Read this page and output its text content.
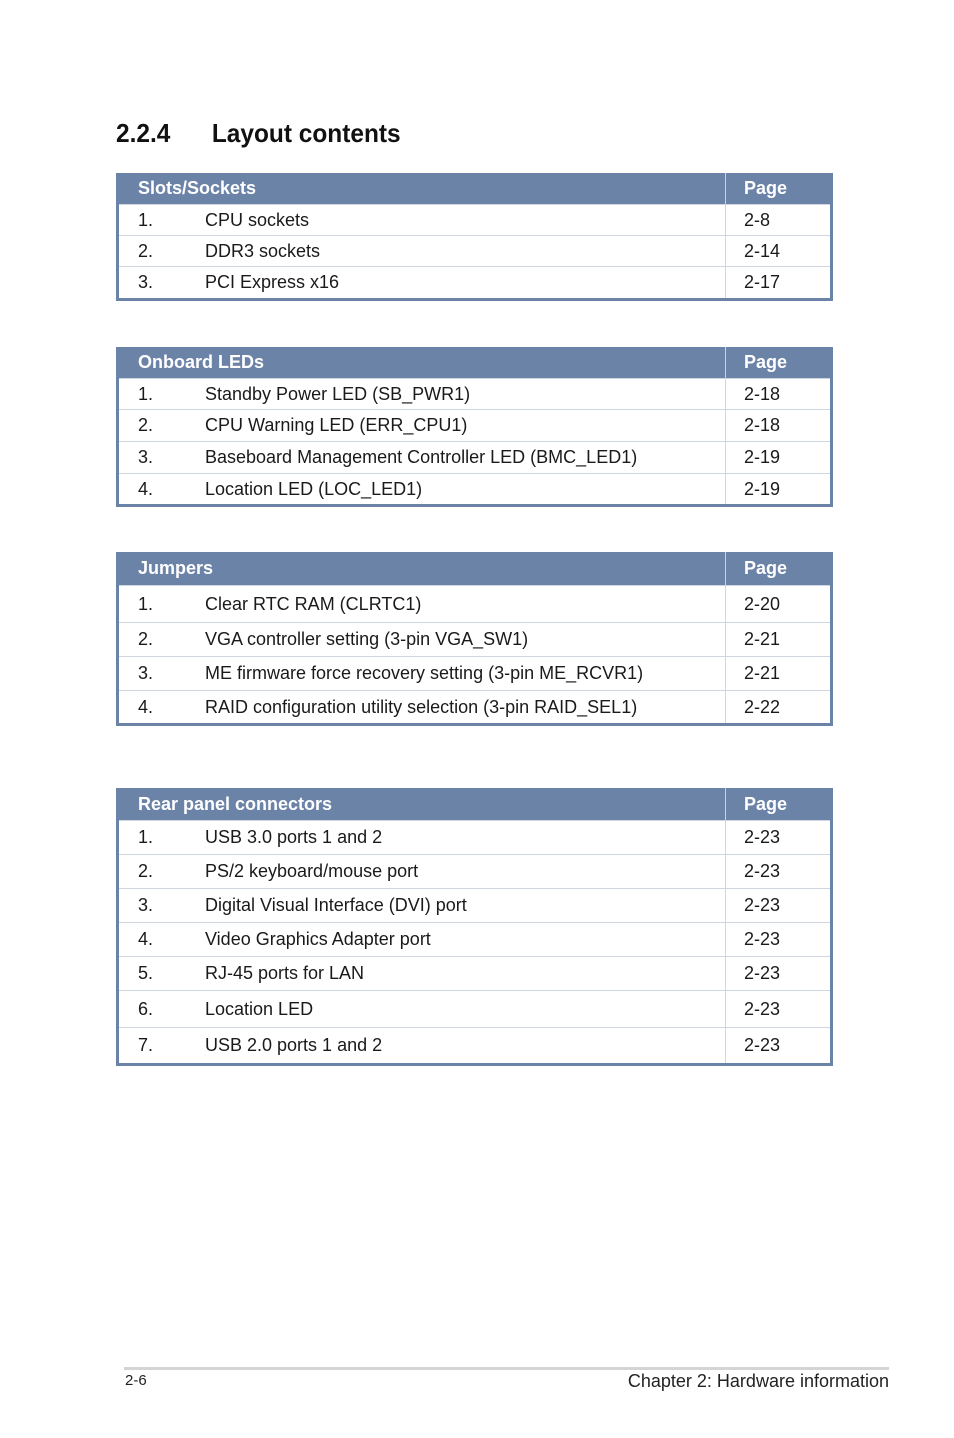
2.2.4	Layout contents
Slots/Sockets	Page
1.	CPU sockets	2-8
2.	DDR3 sockets	2-14
3.	PCI Express x16	2-17
Onboard LEDs	Page
1.	Standby Power LED (SB_PWR1)	2-18
2.	CPU Warning LED (ERR_CPU1)	2-18
3.	Baseboard Management Controller LED (BMC_LED1)	2-19
4.	Location LED (LOC_LED1)	2-19
Jumpers	Page
1.	Clear RTC RAM (CLRTC1)	2-20
2.	VGA controller setting (3-pin VGA_SW1)	2-21
3.	ME firmware force recovery setting (3-pin ME_RCVR1)	2-21
4.	RAID configuration utility selection (3-pin RAID_SEL1)	2-22
Rear panel connectors	Page
1.	USB 3.0 ports 1 and 2	2-23
2.	PS/2 keyboard/mouse port	2-23
3.	Digital Visual Interface (DVI) port	2-23
4.	Video Graphics Adapter port	2-23
5.	RJ-45 ports for LAN	2-23
6.	Location LED	2-23
7.	USB 2.0 ports 1 and 2	2-23
2-6	Chapter 2: Hardware information
